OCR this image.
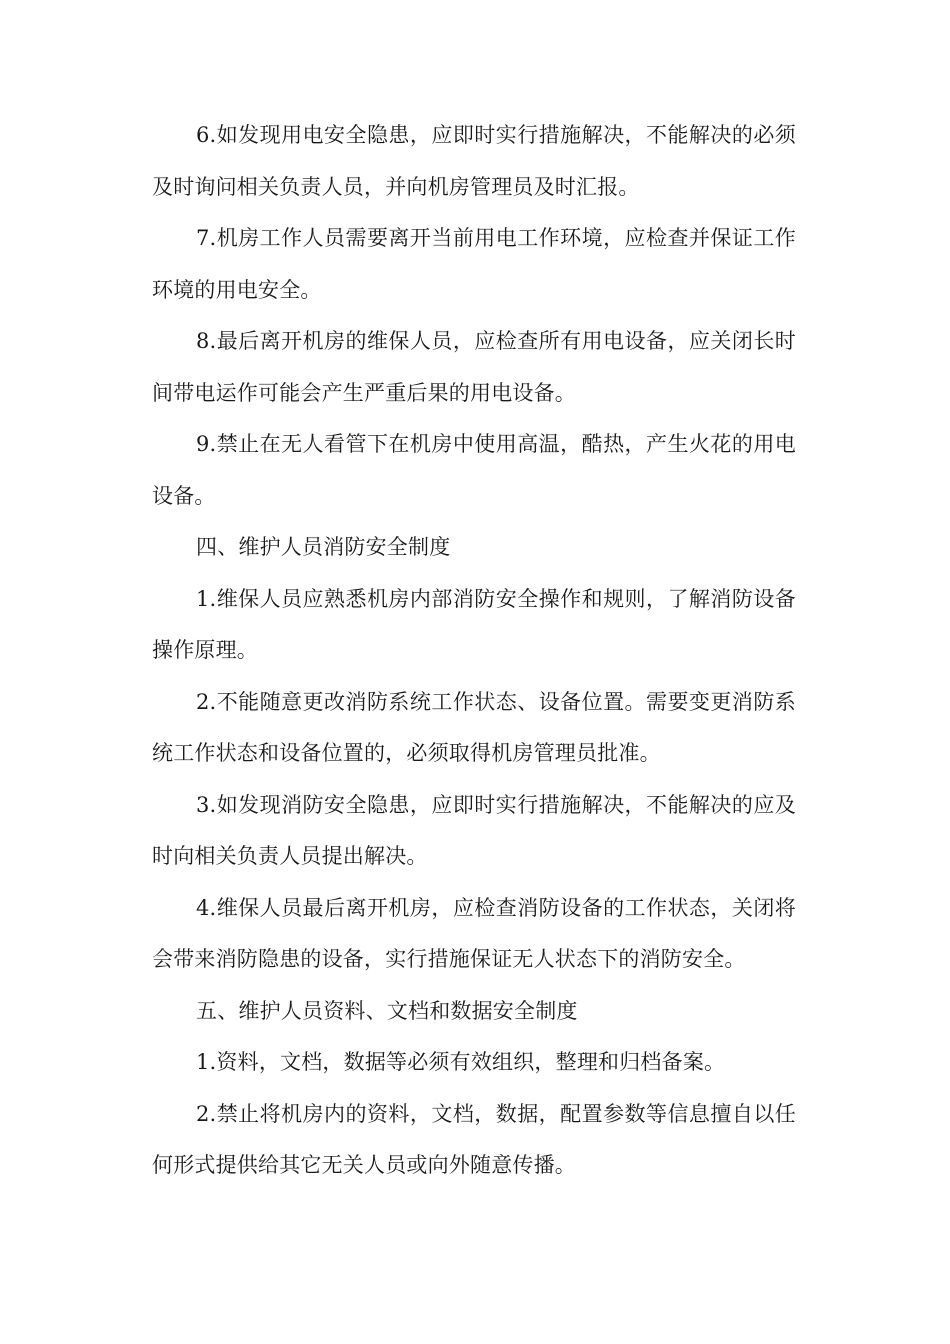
6.如发现用电安全隐患，应即时实行措施解决，不能解决的必须及时询问相关负责人员，并向机房管理员及时汇报。

7.机房工作人员需要离开当前用电工作环境，应检查并保证工作环境的用电安全。

8.最后离开机房的维保人员，应检查所有用电设备，应关闭长时间带电运作可能会产生严重后果的用电设备。

9.禁止在无人看管下在机房中使用高温，酷热，产生火花的用电设备。

四、维护人员消防安全制度

1.维保人员应熟悉机房内部消防安全操作和规则，了解消防设备操作原理。

2.不能随意更改消防系统工作状态、设备位置。需要变更消防系统工作状态和设备位置的，必须取得机房管理员批准。

3.如发现消防安全隐患，应即时实行措施解决，不能解决的应及时向相关负责人员提出解决。

4.维保人员最后离开机房，应检查消防设备的工作状态，关闭将会带来消防隐患的设备，实行措施保证无人状态下的消防安全。

五、维护人员资料、文档和数据安全制度

1.资料，文档，数据等必须有效组织，整理和归档备案。

2.禁止将机房内的资料，文档，数据，配置参数等信息擅自以任何形式提供给其它无关人员或向外随意传播。
